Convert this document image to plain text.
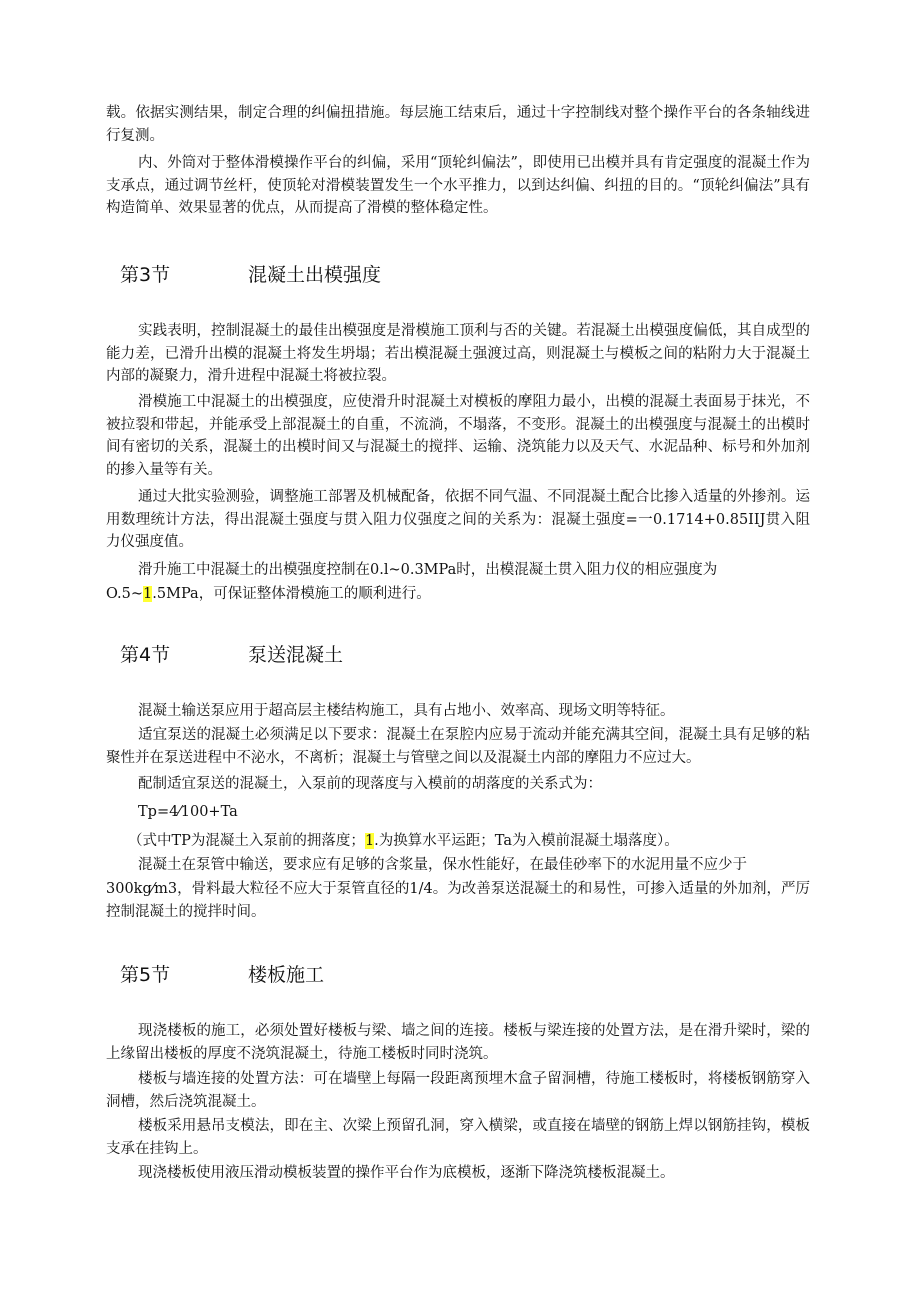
载。依据实测结果，制定合理的纠偏扭措施。每层施工结束后，通过十字控制线对整个操作平台的各条轴线进行复测。

内、外筒对于整体滑模操作平台的纠偏，采用“顶轮纠偏法”，即使用已出模并具有肯定强度的混凝土作为支承点，通过调节丝杆，使顶轮对滑模装置发生一个水平推力，以到达纠偏、纠扭的目的。“顶轮纠偏法”具有构造简单、效果显著的优点，从而提高了滑模的整体稳定性。

第3节	混凝土出模强度

实践表明，控制混凝土的最佳出模强度是滑模施工顶利与否的关键。若混凝土出模强度偏低，其自成型的能力差，已滑升出模的混凝土将发生坍塌；若出模混凝土强渡过高，则混凝土与模板之间的粘附力大于混凝土内部的凝聚力，滑升进程中混凝土将被拉裂。

滑模施工中混凝土的出模强度，应使滑升时混凝土对模板的摩阻力最小，出模的混凝土表面易于抹光，不被拉裂和带起，并能承受上部混凝土的自重，不流淌，不塌落，不变形。混凝土的出模强度与混凝土的出模时间有密切的关系，混凝土的出模时间又与混凝土的搅拌、运输、浇筑能力以及天气、水泥品种、标号和外加剂的掺入量等有关。

通过大批实验测验，调整施工部署及机械配备，依据不同气温、不同混凝土配合比掺入适量的外掺剂。运用数理统计方法，得出混凝土强度与贯入阻力仪强度之间的关系为：混凝土强度=一0.1714+0.85IIJ贯入阻力仪强度值。

滑升施工中混凝土的出模强度控制在0.l~0.3MPa时，出模混凝土贯入阻力仪的相应强度为
O.5~1.5MPa，可保证整体滑模施工的顺利进行。
第4节	泵送混凝土

混凝土输送泵应用于超高层主楼结构施工，具有占地小、效率高、现场文明等特征。

适宜泵送的混凝土必须满足以下要求：混凝土在泵腔内应易于流动并能充满其空间，混凝土具有足够的粘聚性并在泵送进程中不泌水，不离析；混凝土与管壁之间以及混凝土内部的摩阻力不应过大。

配制适宜泵送的混凝土，入泵前的现落度与入模前的胡落度的关系式为：

Tp=4⁄100+Ta
（式中TP为混凝土入泵前的拥落度；1.为换算水平运距；Ta为入模前混凝土塌落度）。
混凝土在泵管中输送，要求应有足够的含浆量，保水性能好，在最佳砂率下的水泥用量不应少于

300kg⁄m3，骨料最大粒径不应大于泵管直径的1/4。为改善泵送混凝土的和易性，可掺入适量的外加剂，严厉控制混凝土的搅拌时间。

第5节	楼板施工

现浇楼板的施工，必须处置好楼板与梁、墙之间的连接。楼板与梁连接的处置方法，是在滑升梁时，梁的上缘留出楼板的厚度不浇筑混凝土，待施工楼板时同时浇筑。

楼板与墙连接的处置方法：可在墙壁上每隔一段距离预埋木盒子留洞槽，待施工楼板时，将楼板钢筋穿入洞槽，然后浇筑混凝土。

楼板采用悬吊支模法，即在主、次梁上预留孔洞，穿入横梁，或直接在墙壁的钢筋上焊以钢筋挂钩，模板支承在挂钩上。

现浇楼板使用液压滑动模板装置的操作平台作为底模板，逐渐下降浇筑楼板混凝土。
